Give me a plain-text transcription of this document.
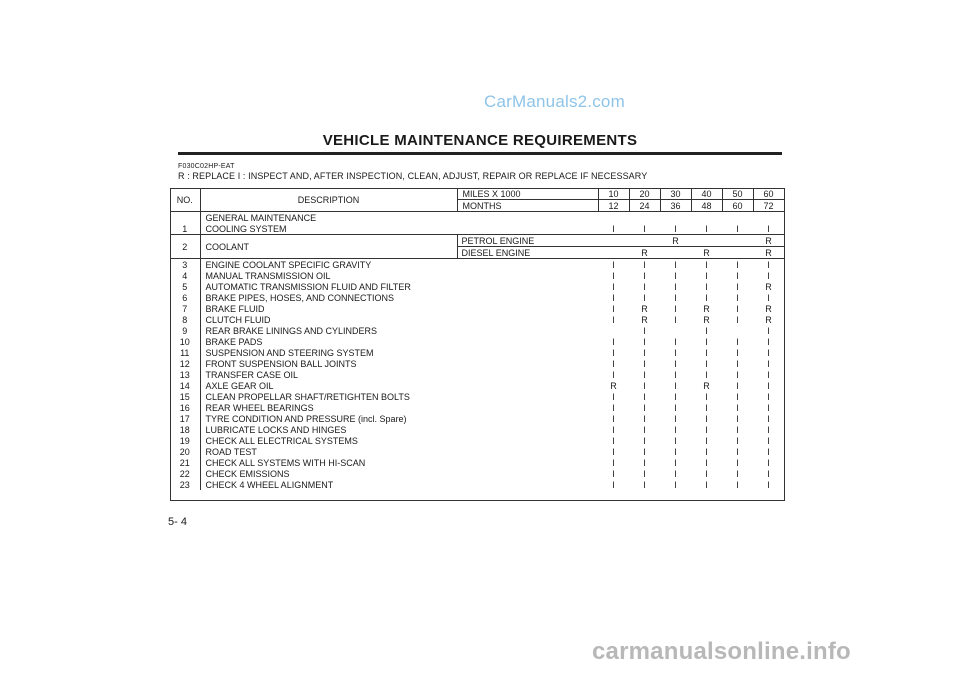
CarManuals2.com
VEHICLE MAINTENANCE REQUIREMENTS
F030C02HP-EAT
R : REPLACE I : INSPECT AND, AFTER INSPECTION, CLEAN, ADJUST, REPAIR OR REPLACE IF NECESSARY
NO.	DESCRIPTION	MILES X 1000	10	20	30	40	50	60
		MONTHS	12	24	36	48	60	72
	GENERAL MAINTENANCE							
1	COOLING SYSTEM		I	I	I	I	I	I
2	COOLANT	PETROL ENGINE			R			R
		DIESEL ENGINE		R		R		R
3	ENGINE COOLANT SPECIFIC GRAVITY		I	I	I	I	I	I
4	MANUAL TRANSMISSION OIL		I	I	I	I	I	I
5	AUTOMATIC TRANSMISSION FLUID AND FILTER		I	I	I	I	I	R
6	BRAKE PIPES, HOSES, AND CONNECTIONS		I	I	I	I	I	I
7	BRAKE FLUID		I	R	I	R	I	R
8	CLUTCH FLUID		I	R	I	R	I	R
9	REAR BRAKE LININGS AND CYLINDERS			I		I		I
10	BRAKE PADS		I	I	I	I	I	I
11	SUSPENSION AND STEERING SYSTEM		I	I	I	I	I	I
12	FRONT SUSPENSION BALL JOINTS		I	I	I	I	I	I
13	TRANSFER CASE OIL		I	I	I	I	I	I
14	AXLE GEAR OIL		R	I	I	R	I	I
15	CLEAN PROPELLAR SHAFT/RETIGHTEN BOLTS		I	I	I	I	I	I
16	REAR WHEEL BEARINGS		I	I	I	I	I	I
17	TYRE CONDITION AND PRESSURE (incl. Spare)		I	I	I	I	I	I
18	LUBRICATE LOCKS AND HINGES		I	I	I	I	I	I
19	CHECK ALL ELECTRICAL SYSTEMS		I	I	I	I	I	I
20	ROAD TEST		I	I	I	I	I	I
21	CHECK ALL SYSTEMS WITH HI-SCAN		I	I	I	I	I	I
22	CHECK EMISSIONS		I	I	I	I	I	I
23	CHECK 4 WHEEL ALIGNMENT		I	I	I	I	I	I
5- 4
carmanualsonline.info
